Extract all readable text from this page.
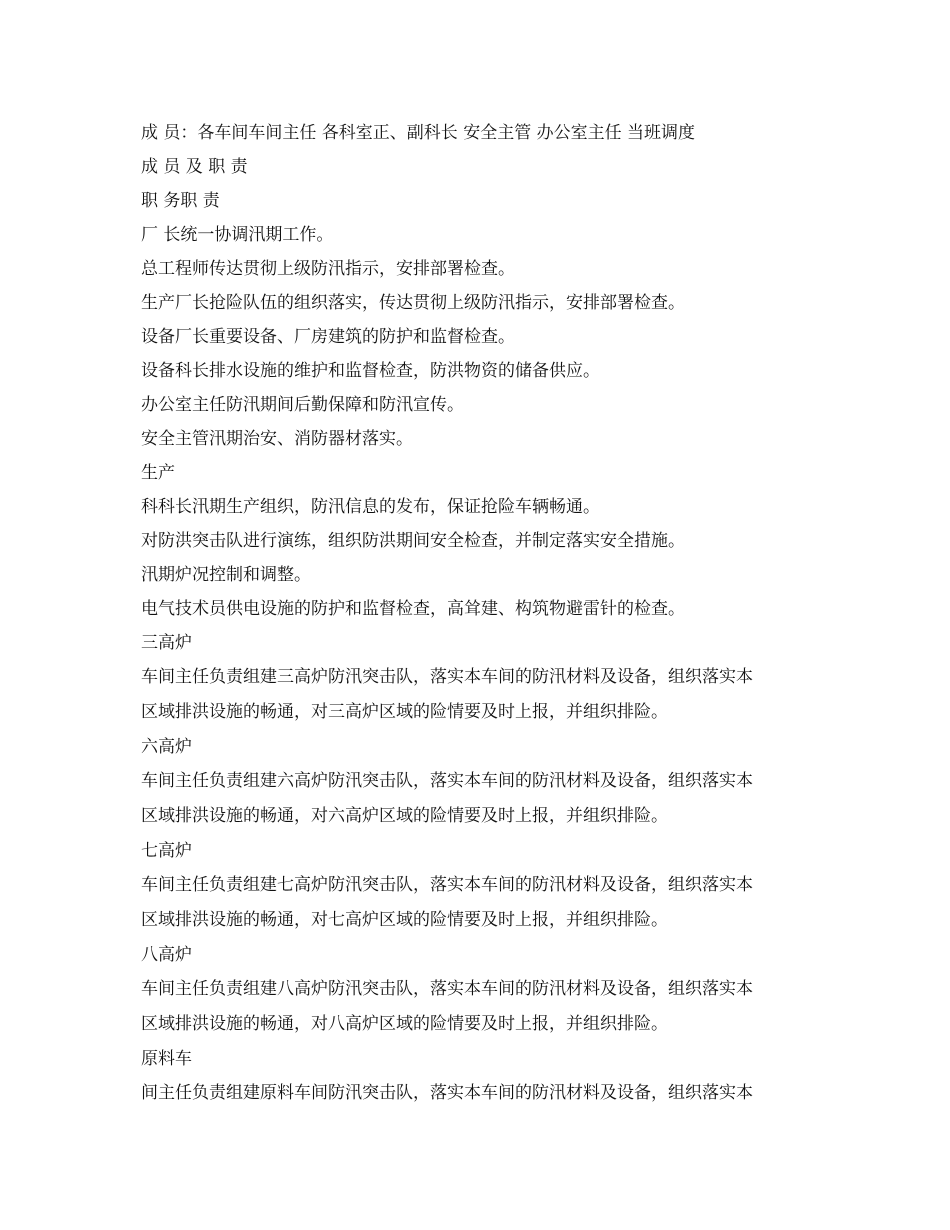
成 员：各车间车间主任 各科室正、副科长 安全主管 办公室主任 当班调度
成 员 及 职 责
职 务职 责
厂 长统一协调汛期工作。
总工程师传达贯彻上级防汛指示，安排部署检查。
生产厂长抢险队伍的组织落实，传达贯彻上级防汛指示，安排部署检查。
设备厂长重要设备、厂房建筑的防护和监督检查。
设备科长排水设施的维护和监督检查，防洪物资的储备供应。
办公室主任防汛期间后勤保障和防汛宣传。
安全主管汛期治安、消防器材落实。
生产
科科长汛期生产组织，防汛信息的发布，保证抢险车辆畅通。
对防洪突击队进行演练，组织防洪期间安全检查，并制定落实安全措施。
汛期炉况控制和调整。
电气技术员供电设施的防护和监督检查，高耸建、构筑物避雷针的检查。
三高炉
车间主任负责组建三高炉防汛突击队，落实本车间的防汛材料及设备，组织落实本
区域排洪设施的畅通，对三高炉区域的险情要及时上报，并组织排险。
六高炉
车间主任负责组建六高炉防汛突击队，落实本车间的防汛材料及设备，组织落实本
区域排洪设施的畅通，对六高炉区域的险情要及时上报，并组织排险。
七高炉
车间主任负责组建七高炉防汛突击队，落实本车间的防汛材料及设备，组织落实本
区域排洪设施的畅通，对七高炉区域的险情要及时上报，并组织排险。
八高炉
车间主任负责组建八高炉防汛突击队，落实本车间的防汛材料及设备，组织落实本
区域排洪设施的畅通，对八高炉区域的险情要及时上报，并组织排险。
原料车
间主任负责组建原料车间防汛突击队，落实本车间的防汛材料及设备，组织落实本
